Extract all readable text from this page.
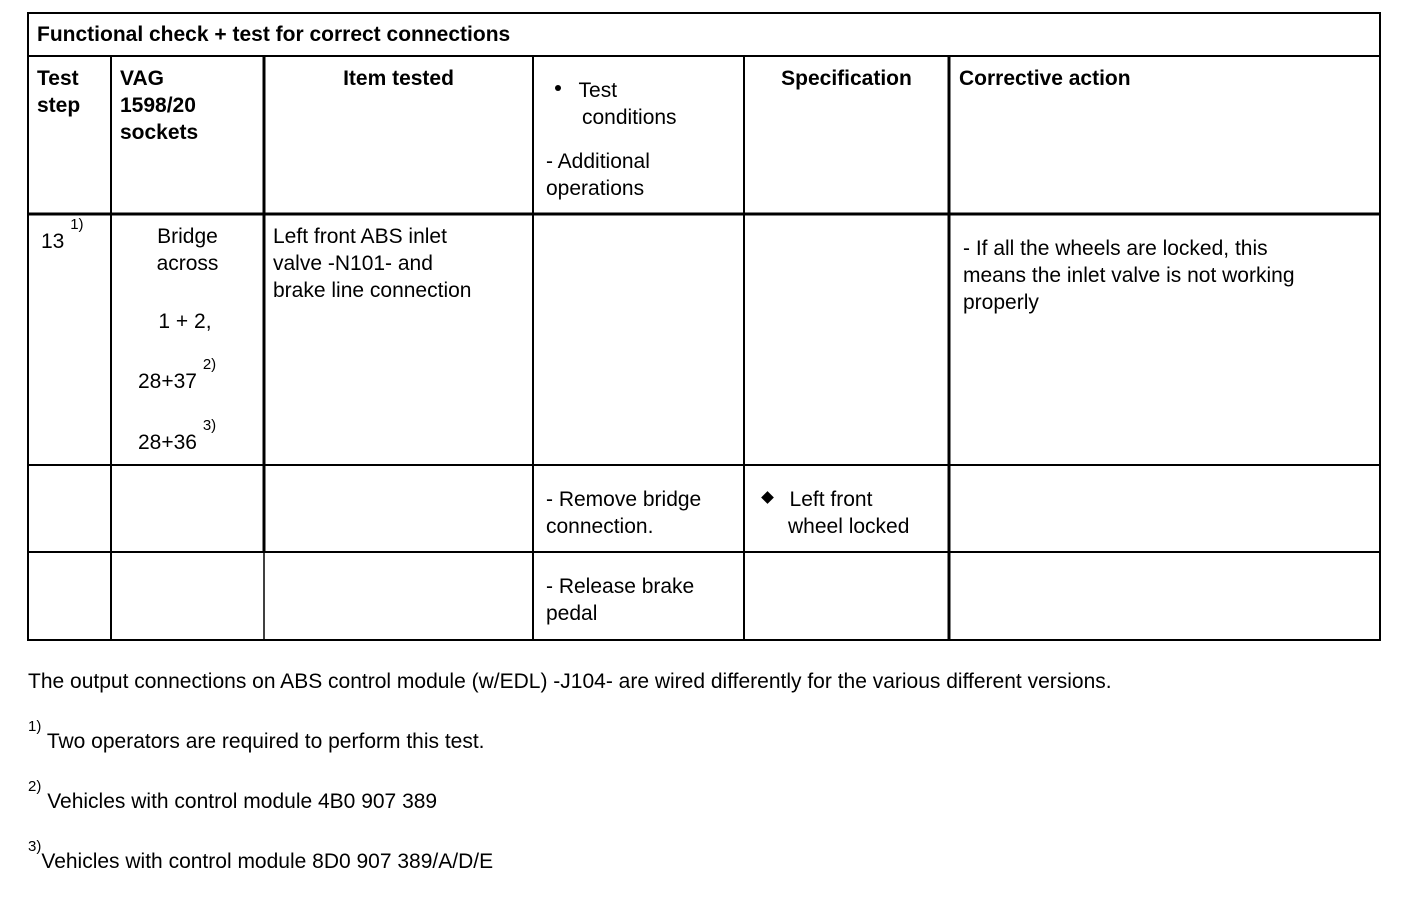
Functional check + test for correct connections
Test
step
VAG
1598/20
sockets
Item tested
Test
conditions
- Additional
operations
Specification	Corrective action
13 $^{1)}$
Bridge
across
1 + 2,
28+37 $^{2)}$
28+36 $^{3)}$
Left front ABS inlet
valve -N101- and
brake line connection
- If all the wheels are locked, this
means the inlet valve is not working
properly
- Remove bridge
connection.
Left front
wheel locked
- Release brake
pedal
The output connections on ABS control module (w/EDL) -J104- are wired differently for the various different versions.
$^{1)}$ Two operators are required to perform this test.
$^{2)}$ Vehicles with control module 4B0 907 389
$^{3)}$Vehicles with control module 8D0 907 389/A/D/E
